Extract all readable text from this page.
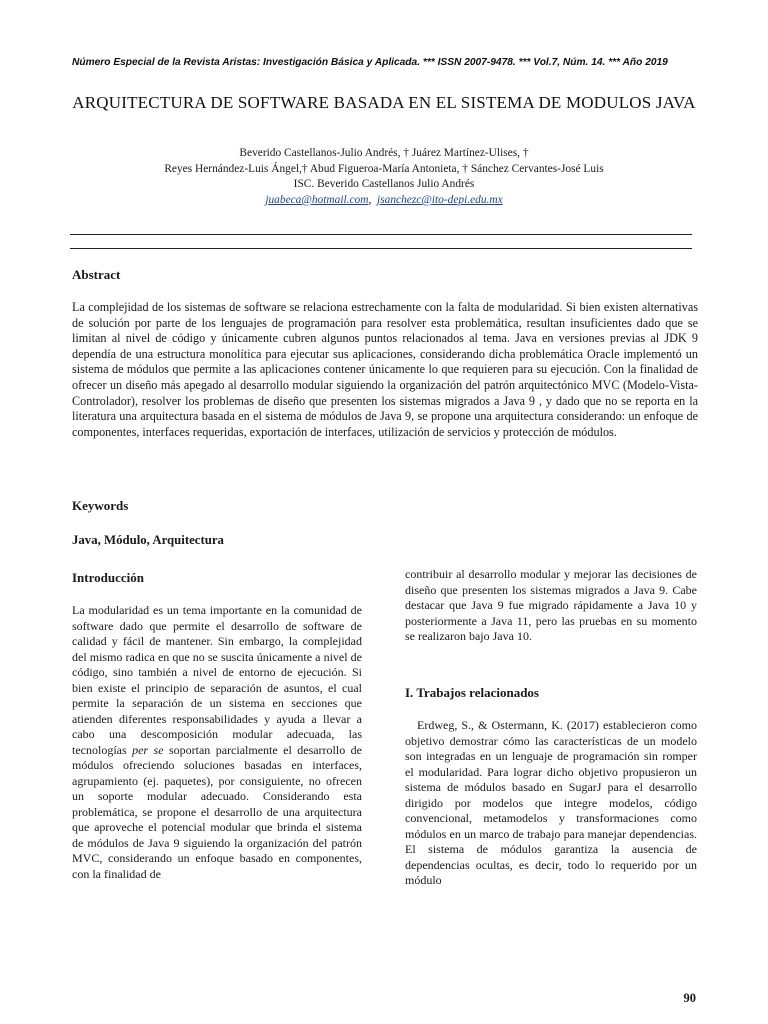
Número Especial de la Revista Aristas: Investigación Básica y Aplicada. *** ISSN 2007-9478. *** Vol.7, Núm. 14. *** Año 2019
ARQUITECTURA DE SOFTWARE BASADA EN EL SISTEMA DE MODULOS JAVA
Beverido Castellanos-Julio Andrés, † Juárez Martínez-Ulises, †
Reyes Hernández-Luis Ángel,† Abud Figueroa-María Antonieta, † Sánchez Cervantes-José Luis
ISC. Beverido Castellanos Julio Andrés
juabeca@hotmail.com, jsanchezc@ito-depi.edu.mx
Abstract
La complejidad de los sistemas de software se relaciona estrechamente con la falta de modularidad. Si bien existen alternativas de solución por parte de los lenguajes de programación para resolver esta problemática, resultan insuficientes dado que se limitan al nivel de código y únicamente cubren algunos puntos relacionados al tema. Java en versiones previas al JDK 9 dependía de una estructura monolítica para ejecutar sus aplicaciones, considerando dicha problemática Oracle implementó un sistema de módulos que permite a las aplicaciones contener únicamente lo que requieren para su ejecución. Con la finalidad de ofrecer un diseño más apegado al desarrollo modular siguiendo la organización del patrón arquitectónico MVC (Modelo-Vista-Controlador), resolver los problemas de diseño que presenten los sistemas migrados a Java 9 , y dado que no se reporta en la literatura una arquitectura basada en el sistema de módulos de Java 9, se propone una arquitectura considerando: un enfoque de componentes, interfaces requeridas, exportación de interfaces, utilización de servicios y protección de módulos.
Keywords
Java, Módulo, Arquitectura
Introducción
La modularidad es un tema importante en la comunidad de software dado que permite el desarrollo de software de calidad y fácil de mantener. Sin embargo, la complejidad del mismo radica en que no se suscita únicamente a nivel de código, sino también a nivel de entorno de ejecución. Si bien existe el principio de separación de asuntos, el cual permite la separación de un sistema en secciones que atienden diferentes responsabilidades y ayuda a llevar a cabo una descomposición modular adecuada, las tecnologías per se soportan parcialmente el desarrollo de módulos ofreciendo soluciones basadas en interfaces, agrupamiento (ej. paquetes), por consiguiente, no ofrecen un soporte modular adecuado. Considerando esta problemática, se propone el desarrollo de una arquitectura que aproveche el potencial modular que brinda el sistema de módulos de Java 9 siguiendo la organización del patrón MVC, considerando un enfoque basado en componentes, con la finalidad de
contribuir al desarrollo modular y mejorar las decisiones de diseño que presenten los sistemas migrados a Java 9. Cabe destacar que Java 9 fue migrado rápidamente a Java 10 y posteriormente a Java 11, pero las pruebas en su momento se realizaron bajo Java 10.
I. Trabajos relacionados
Erdweg, S., & Ostermann, K. (2017) establecieron como objetivo demostrar cómo las características de un modelo son integradas en un lenguaje de programación sin romper el modularidad. Para lograr dicho objetivo propusieron un sistema de módulos basado en SugarJ para el desarrollo dirigido por modelos que integre modelos, código convencional, metamodelos y transformaciones como módulos en un marco de trabajo para manejar dependencias. El sistema de módulos garantiza la ausencia de dependencias ocultas, es decir, todo lo requerido por un módulo
90
